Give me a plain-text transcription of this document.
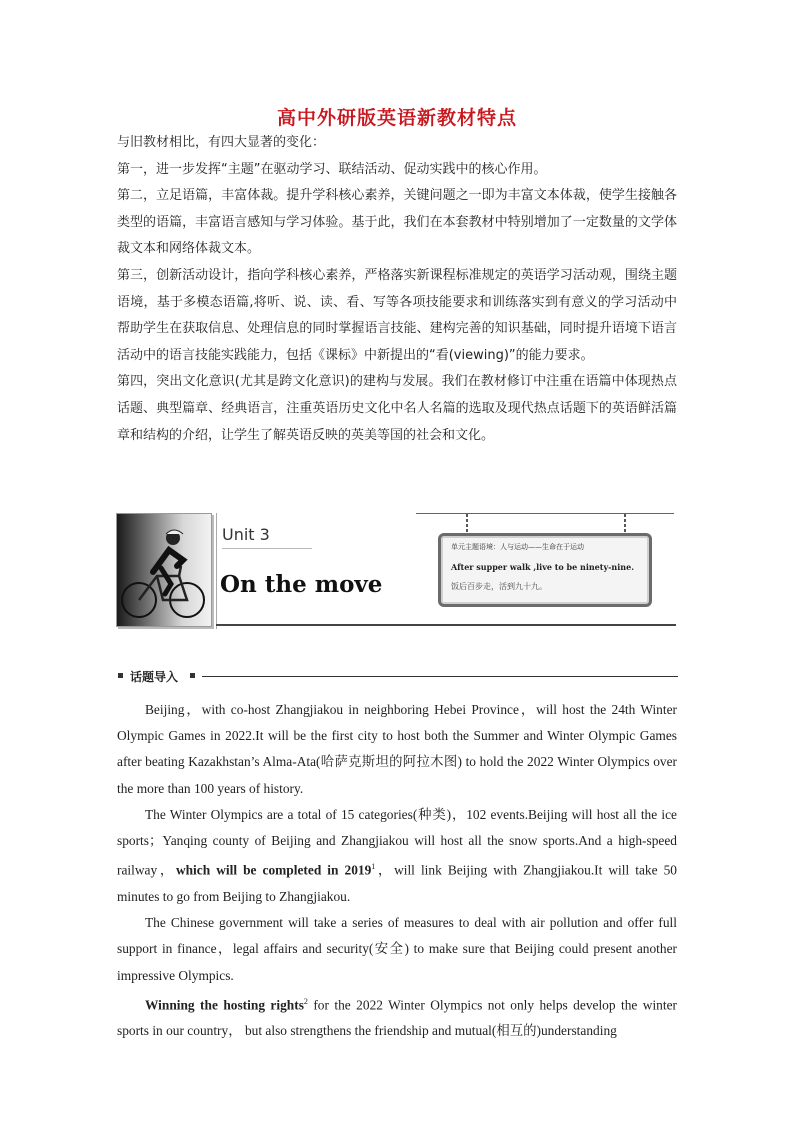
高中外研版英语新教材特点

与旧教材相比，有四大显著的变化：

第一，进一步发挥“主题”在驱动学习、联结活动、促动实践中的核心作用。

第二，立足语篇，丰富体裁。提升学科核心素养，关键问题之一即为丰富文本体裁，使学生接触各类型的语篇，丰富语言感知与学习体验。基于此，我们在本套教材中特别增加了一定数量的文学体裁文本和网络体裁文本。

第三，创新活动设计，指向学科核心素养，严格落实新课程标准规定的英语学习活动观，围绕主题语境，基于多模态语篇,将听、说、读、看、写等各项技能要求和训练落实到有意义的学习活动中帮助学生在获取信息、处理信息的同时掌握语言技能、建构完善的知识基础，同时提升语境下语言活动中的语言技能实践能力，包括《课标》中新提出的“看(viewing)”的能力要求。

第四，突出文化意识(尤其是跨文化意识)的建构与发展。我们在教材修订中注重在语篇中体现热点话题、典型篇章、经典语言，注重英语历史文化中名人名篇的选取及现代热点话题下的英语鲜活篇章和结构的介绍，让学生了解英语反映的英美等国的社会和文化。

Unit 3
On the move
单元主题语境：人与运动——生命在于运动
After supper walk ,live to be ninety-nine.
饭后百步走，活到九十九。
话题导入

Beijing，with co-host Zhangjiakou in neighboring Hebei Province，will host the 24th Winter Olympic Games in 2022.It will be the first city to host both the Summer and Winter Olympic Games after beating Kazakhstan’s Alma-Ata(哈萨克斯坦的阿拉木图) to hold the 2022 Winter Olympics over the more than 100 years of history.

The Winter Olympics are a total of 15 categories(种类)，102 events.Beijing will host all the ice sports；Yanqing county of Beijing and Zhangjiakou will host all the snow sports.And a high-speed railway，which will be completed in 2019$^1$，will link Beijing with Zhangjiakou.It will take 50 minutes to go from Beijing to Zhangjiakou.

The Chinese government will take a series of measures to deal with air pollution and offer full support in finance，legal affairs and security(安全) to make sure that Beijing could present another impressive Olympics.

Winning the hosting rights$^2$ for the 2022 Winter Olympics not only helps develop the winter sports in our country， but also strengthens the friendship and mutual(相互的)understanding
